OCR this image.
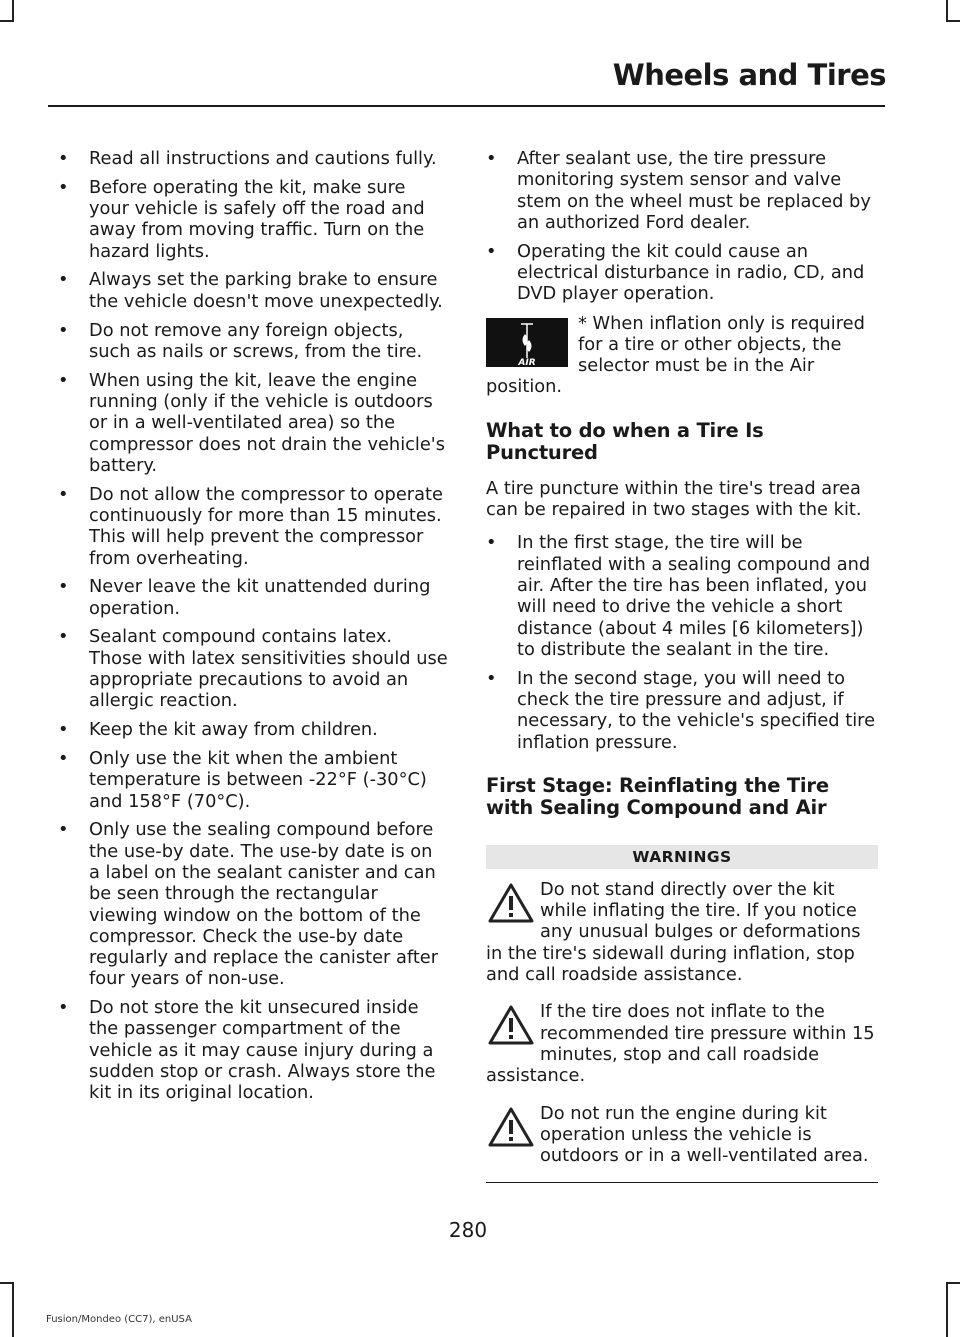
Wheels and Tires
• Read all instructions and cautions fully.
• Before operating the kit, make sure your vehicle is safely off the road and away from moving traffic. Turn on the hazard lights.
• Always set the parking brake to ensure the vehicle doesn't move unexpectedly.
• Do not remove any foreign objects, such as nails or screws, from the tire.
• When using the kit, leave the engine running (only if the vehicle is outdoors or in a well-ventilated area) so the compressor does not drain the vehicle's battery.
• Do not allow the compressor to operate continuously for more than 15 minutes. This will help prevent the compressor from overheating.
• Never leave the kit unattended during operation.
• Sealant compound contains latex. Those with latex sensitivities should use appropriate precautions to avoid an allergic reaction.
• Keep the kit away from children.
• Only use the kit when the ambient temperature is between -22°F (-30°C) and 158°F (70°C).
• Only use the sealing compound before the use-by date. The use-by date is on a label on the sealant canister and can be seen through the rectangular viewing window on the bottom of the compressor. Check the use-by date regularly and replace the canister after four years of non-use.
• Do not store the kit unsecured inside the passenger compartment of the vehicle as it may cause injury during a sudden stop or crash. Always store the kit in its original location.
• After sealant use, the tire pressure monitoring system sensor and valve stem on the wheel must be replaced by an authorized Ford dealer.
• Operating the kit could cause an electrical disturbance in radio, CD, and DVD player operation.
AIR

* When inflation only is required for a tire or other objects, the selector must be in the Air position.

What to do when a Tire Is Punctured

A tire puncture within the tire's tread area can be repaired in two stages with the kit.

• In the first stage, the tire will be reinflated with a sealing compound and air. After the tire has been inflated, you will need to drive the vehicle a short distance (about 4 miles [6 kilometers]) to distribute the sealant in the tire.
• In the second stage, you will need to check the tire pressure and adjust, if necessary, to the vehicle's specified tire inflation pressure.
First Stage: Reinflating the Tire with Sealing Compound and Air
WARNINGS

Do not stand directly over the kit while inflating the tire. If you notice any unusual bulges or deformations in the tire's sidewall during inflation, stop and call roadside assistance.

If the tire does not inflate to the recommended tire pressure within 15 minutes, stop and call roadside assistance.

Do not run the engine during kit operation unless the vehicle is outdoors or in a well-ventilated area.

280
Fusion/Mondeo (CC7), enUSA
